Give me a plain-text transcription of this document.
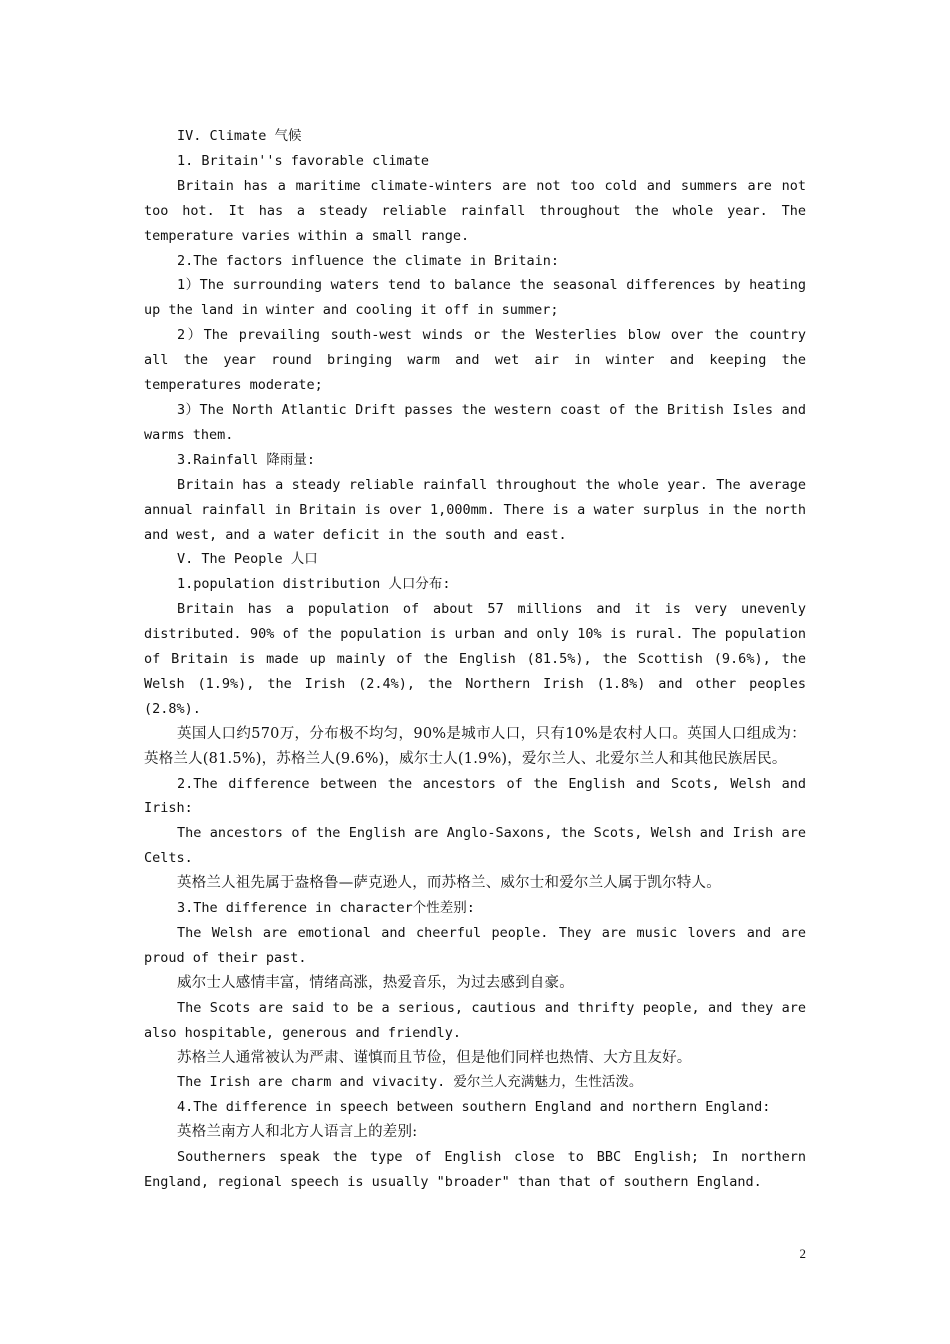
IV. Climate 气候

1. Britain''s favorable climate

Britain has a maritime climate-winters are not too cold and summers are not too hot. It has a steady reliable rainfall throughout the whole year. The temperature varies within a small range.

2.The factors influence the climate in Britain:

1）The surrounding waters tend to balance the seasonal differences by heating up the land in winter and cooling it off in summer;

2）The prevailing south-west winds or the Westerlies blow over the country all the year round bringing warm and wet air in winter and keeping the temperatures moderate;

3）The North Atlantic Drift passes the western coast of the British Isles and warms them.

3.Rainfall 降雨量:

Britain has a steady reliable rainfall throughout the whole year. The average annual rainfall in Britain is over 1,000mm. There is a water surplus in the north and west, and a water deficit in the south and east.

V. The People 人口

1.population distribution 人口分布:

Britain has a population of about 57 millions and it is very unevenly distributed. 90% of the population is urban and only 10% is rural. The population of Britain is made up mainly of the English (81.5%), the Scottish (9.6%), the Welsh (1.9%), the Irish (2.4%), the Northern Irish (1.8%) and other peoples (2.8%).

英国人口约570万，分布极不均匀，90%是城市人口，只有10%是农村人口。英国人口组成为：英格兰人(81.5%)，苏格兰人(9.6%)，威尔士人(1.9%)，爱尔兰人、北爱尔兰人和其他民族居民。

2.The difference between the ancestors of the English and Scots, Welsh and Irish:

The ancestors of the English are Anglo-Saxons, the Scots, Welsh and Irish are Celts.

英格兰人祖先属于盎格鲁—萨克逊人，而苏格兰、威尔士和爱尔兰人属于凯尔特人。

3.The difference in character个性差别:

The Welsh are emotional and cheerful people. They are music lovers and are proud of their past.

威尔士人感情丰富，情绪高涨，热爱音乐，为过去感到自豪。

The Scots are said to be a serious, cautious and thrifty people, and they are also hospitable, generous and friendly.

苏格兰人通常被认为严肃、谨慎而且节俭，但是他们同样也热情、大方且友好。

The Irish are charm and vivacity. 爱尔兰人充满魅力，生性活泼。

4.The difference in speech between southern England and northern England:

英格兰南方人和北方人语言上的差别:

Southerners speak the type of English close to BBC English; In northern England, regional speech is usually "broader" than that of southern England.

2
